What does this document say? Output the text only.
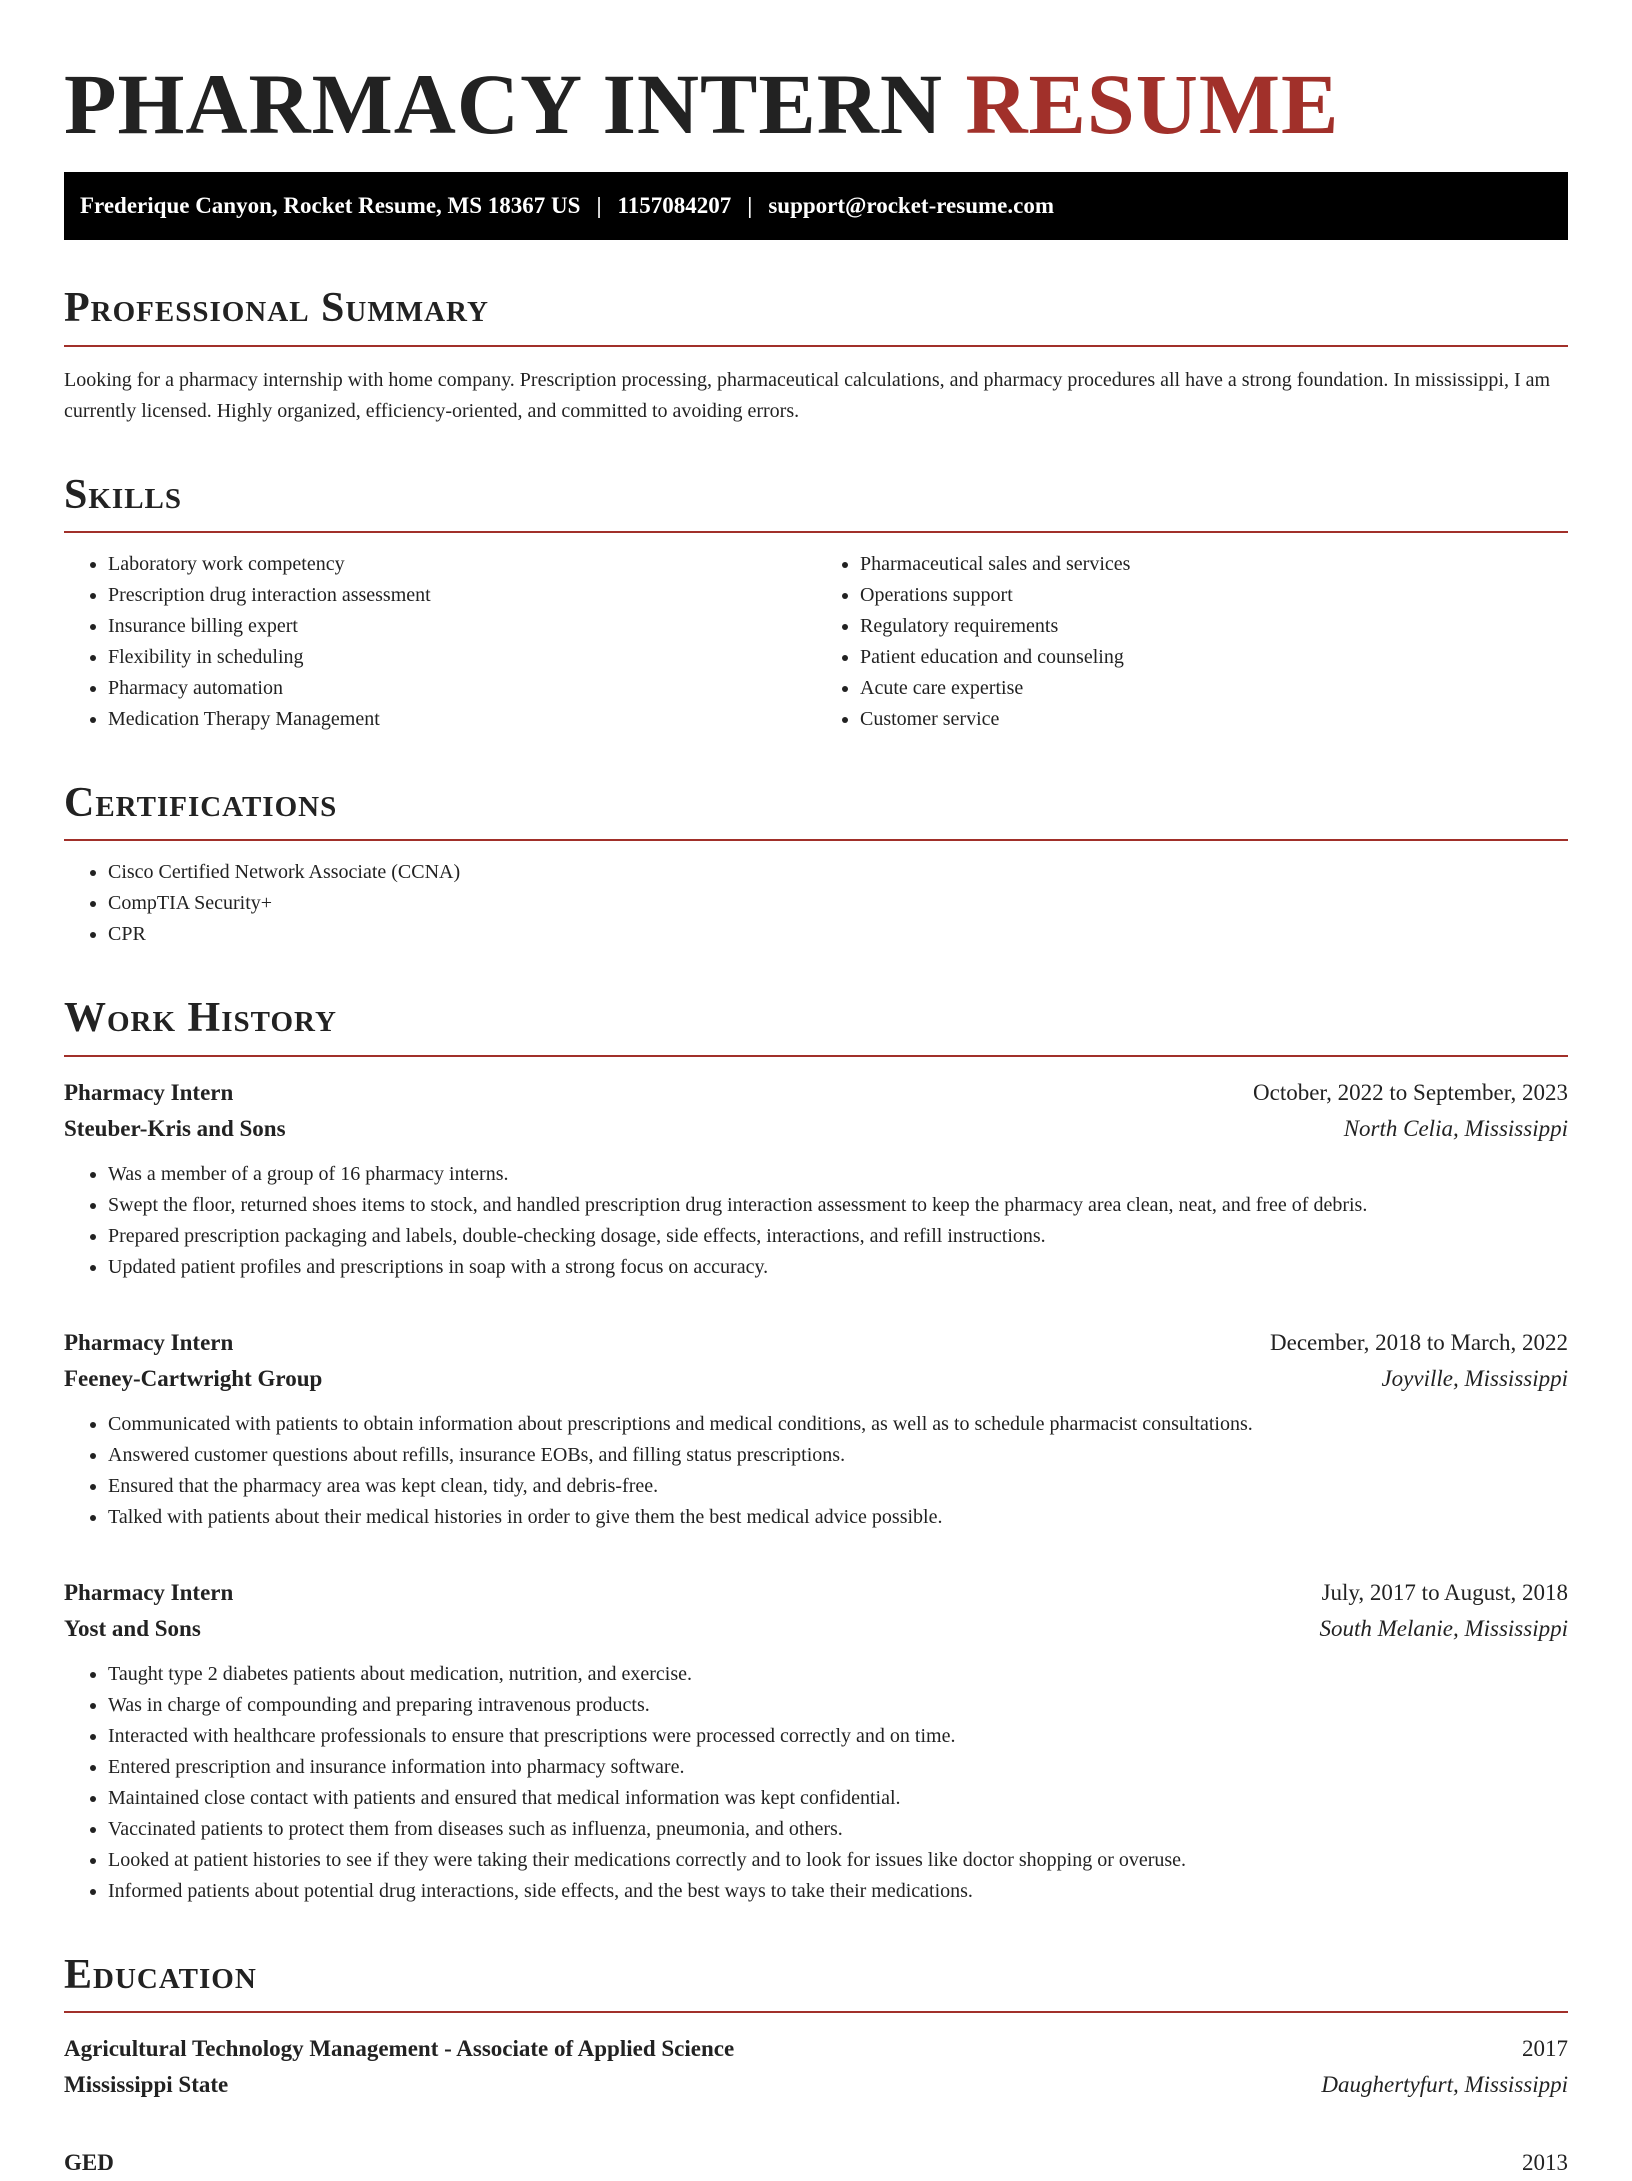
PHARMACY INTERN RESUME
Frederique Canyon, Rocket Resume, MS 18367 US | 1157084207 | support@rocket-resume.com
Professional Summary

Looking for a pharmacy internship with home company. Prescription processing, pharmaceutical calculations, and pharmacy procedures all have a strong foundation. In mississippi, I am currently licensed. Highly organized, efficiency-oriented, and committed to avoiding errors.

Skills
• Laboratory work competency
• Prescription drug interaction assessment
• Insurance billing expert
• Flexibility in scheduling
• Pharmacy automation
• Medication Therapy Management
• Pharmaceutical sales and services
• Operations support
• Regulatory requirements
• Patient education and counseling
• Acute care expertise
• Customer service
Certifications
• Cisco Certified Network Associate (CCNA)
• CompTIA Security+
• CPR
Work History
Pharmacy Intern	October, 2022 to September, 2023
Steuber-Kris and Sons	North Celia, Mississippi
• Was a member of a group of 16 pharmacy interns.
• Swept the floor, returned shoes items to stock, and handled prescription drug interaction assessment to keep the pharmacy area clean, neat, and free of debris.
• Prepared prescription packaging and labels, double-checking dosage, side effects, interactions, and refill instructions.
• Updated patient profiles and prescriptions in soap with a strong focus on accuracy.
Pharmacy Intern	December, 2018 to March, 2022
Feeney-Cartwright Group	Joyville, Mississippi
• Communicated with patients to obtain information about prescriptions and medical conditions, as well as to schedule pharmacist consultations.
• Answered customer questions about refills, insurance EOBs, and filling status prescriptions.
• Ensured that the pharmacy area was kept clean, tidy, and debris-free.
• Talked with patients about their medical histories in order to give them the best medical advice possible.
Pharmacy Intern	July, 2017 to August, 2018
Yost and Sons	South Melanie, Mississippi
• Taught type 2 diabetes patients about medication, nutrition, and exercise.
• Was in charge of compounding and preparing intravenous products.
• Interacted with healthcare professionals to ensure that prescriptions were processed correctly and on time.
• Entered prescription and insurance information into pharmacy software.
• Maintained close contact with patients and ensured that medical information was kept confidential.
• Vaccinated patients to protect them from diseases such as influenza, pneumonia, and others.
• Looked at patient histories to see if they were taking their medications correctly and to look for issues like doctor shopping or overuse.
• Informed patients about potential drug interactions, side effects, and the best ways to take their medications.
Education
Agricultural Technology Management - Associate of Applied Science	2017
Mississippi State	Daughertyfurt, Mississippi
GED	2013
